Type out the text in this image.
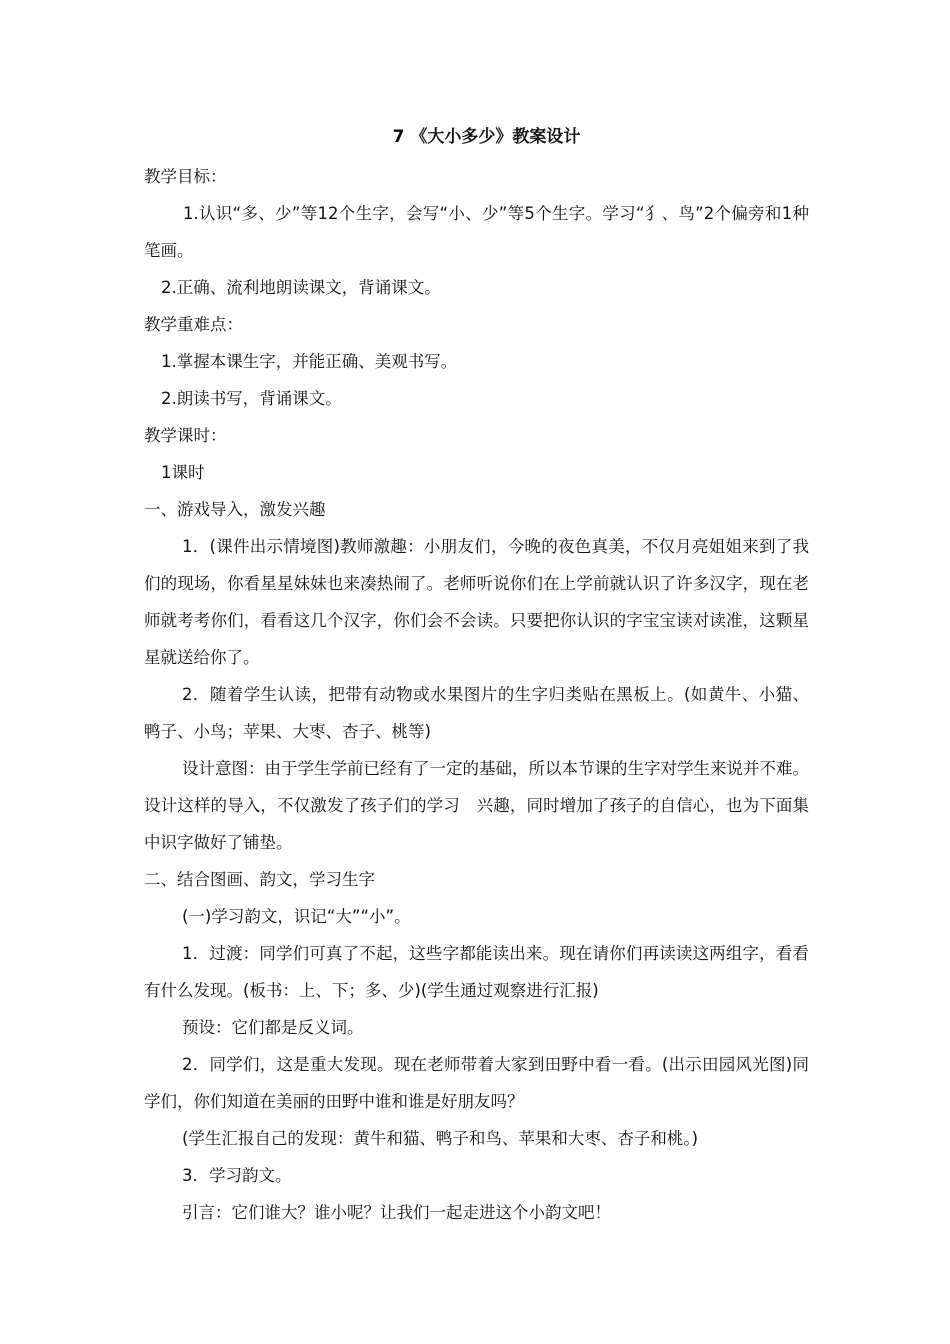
7 《大小多少》教案设计

教学目标：

1.认识“多、少”等12个生字，会写“小、少”等5个生字。学习“犭、鸟”2个偏旁和1种笔画。

2.正确、流利地朗读课文，背诵课文。

教学重难点：

1.掌握本课生字，并能正确、美观书写。

2.朗读书写，背诵课文。

教学课时：

1课时

一、游戏导入，激发兴趣

1．(课件出示情境图)教师激趣：小朋友们，今晚的夜色真美，不仅月亮姐姐来到了我们的现场，你看星星妹妹也来凑热闹了。老师听说你们在上学前就认识了许多汉字，现在老师就考考你们，看看这几个汉字，你们会不会读。只要把你认识的字宝宝读对读准，这颗星星就送给你了。

2．随着学生认读，把带有动物或水果图片的生字归类贴在黑板上。(如黄牛、小猫、鸭子、小鸟；苹果、大枣、杏子、桃等)

设计意图：由于学生学前已经有了一定的基础，所以本节课的生字对学生来说并不难。设计这样的导入，不仅激发了孩子们的学习　兴趣，同时增加了孩子的自信心，也为下面集中识字做好了铺垫。

二、结合图画、韵文，学习生字

(一)学习韵文，识记“大”“小”。

1．过渡：同学们可真了不起，这些字都能读出来。现在请你们再读读这两组字，看看有什么发现。(板书：上、下；多、少)(学生通过观察进行汇报)

预设：它们都是反义词。

2．同学们，这是重大发现。现在老师带着大家到田野中看一看。(出示田园风光图)同学们，你们知道在美丽的田野中谁和谁是好朋友吗？

(学生汇报自己的发现：黄牛和猫、鸭子和鸟、苹果和大枣、杏子和桃。)

3．学习韵文。

引言：它们谁大？谁小呢？让我们一起走进这个小韵文吧！
